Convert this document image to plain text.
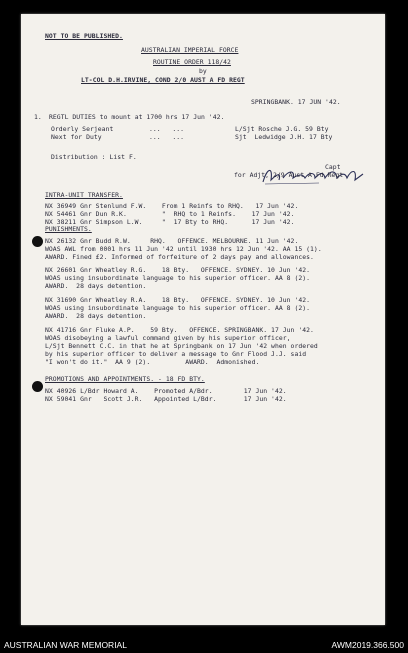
NOT TO BE PUBLISHED.
AUSTRALIAN IMPERIAL FORCE
ROUTINE ORDER 118/42
by
LT-COL D.H.IRVINE, COND 2/0 AUST A FD REGT
SPRINGBANK. 17 JUN '42.
1. REGTL DUTIES to mount at 1700 hrs 17 Jun '42.
Orderly Serjeant	...   ...	L/Sjt Rosche J.G. 59 Bty
Next for Duty	...   ...	Sjt  Ledwidge J.H. 17 Bty
Distribution : List F.
Capt
for Adjt, 2/9 Aust A Fd Regt
INTRA-UNIT TRANSFER.
NX 36949 Gnr Stenlund F.W.    From 1 Reinfs to RHQ.   17 Jun '42.
NX 54461 Gnr Dun R.K.         "  RHQ to 1 Reinfs.    17 Jun '42.
NX 38211 Gnr Simpson L.W.     "  17 Bty to RHQ.      17 Jun '42.
PUNISHMENTS.
NX 26132 Gnr Budd R.W.     RHQ.   OFFENCE. MELBOURNE. 11 Jun '42.
WOAS AWL from 0001 hrs 11 Jun '42 until 1930 hrs 12 Jun '42. AA 15 (1).
AWARD. Fined £2. Informed of forfeiture of 2 days pay and allowances.
NX 26601 Gnr Wheatley R.G.    18 Bty.   OFFENCE. SYDNEY. 10 Jun '42.
WOAS using insubordinate language to his superior officer. AA 8 (2).
AWARD.  28 days detention.
NX 31690 Gnr Wheatley R.A.    18 Bty.   OFFENCE. SYDNEY. 10 Jun '42.
WOAS using insubordinate language to his superior officer. AA 8 (2).
AWARD.  28 days detention.
NX 41716 Gnr Fluke A.P.    59 Bty.   OFFENCE. SPRINGBANK. 17 Jun '42.
WOAS disobeying a lawful command given by his superior officer,
L/Sjt Bennett C.C. in that he at Springbank on 17 Jun '42 when ordered
by his superior officer to deliver a message to Gnr Flood J.J. said
"I won't do it."  AA 9 (2).         AWARD.  Admonished.
PROMOTIONS AND APPOINTMENTS. - 18 FD BTY.
NX 40926 L/Bdr Howard A.    Promoted A/Bdr.        17 Jun '42.
NX 59041 Gnr   Scott J.R.   Appointed L/Bdr.       17 Jun '42.
AUSTRALIAN WAR MEMORIAL	AWM2019.366.500
